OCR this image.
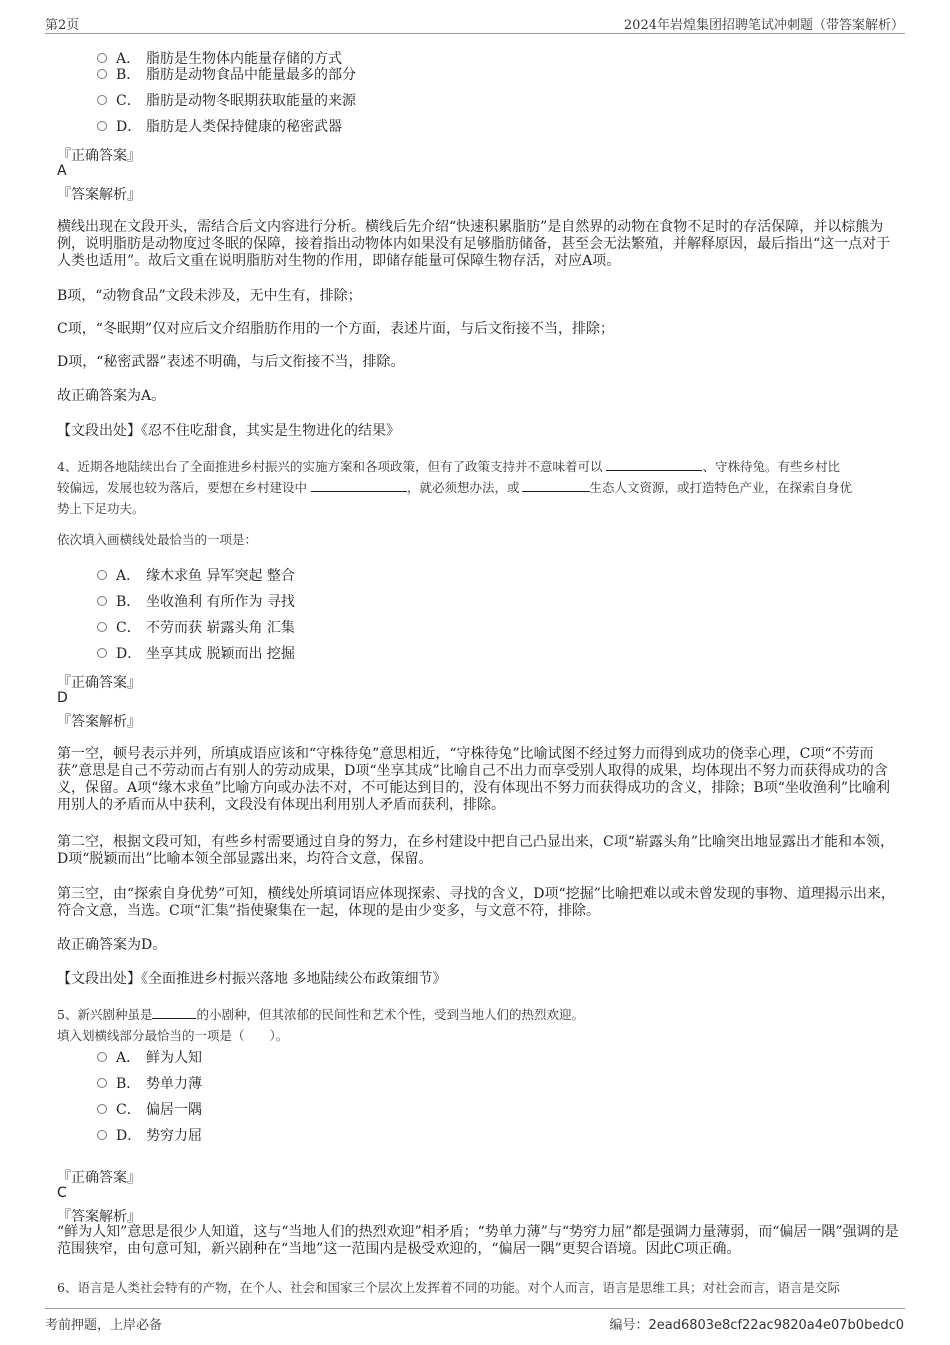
第2页	2024年岩煌集团招聘笔试冲刺题（带答案解析）
A． 脂肪是生物体内能量存储的方式
B． 脂肪是动物食品中能量最多的部分
C． 脂肪是动物冬眠期获取能量的来源
D． 脂肪是人类保持健康的秘密武器
『正确答案』
A
『答案解析』
横线出现在文段开头，需结合后文内容进行分析。横线后先介绍“快速积累脂肪”是自然界的动物在食物不足时的存活保障，并以棕熊为例，说明脂肪是动物度过冬眠的保障，接着指出动物体内如果没有足够脂肪储备，甚至会无法繁殖，并解释原因，最后指出“这一点对于人类也适用”。故后文重在说明脂肪对生物的作用，即储存能量可保障生物存活，对应A项。
B项，“动物食品”文段未涉及，无中生有，排除；
C项，“冬眠期”仅对应后文介绍脂肪作用的一个方面，表述片面，与后文衔接不当，排除；
D项，“秘密武器”表述不明确，与后文衔接不当，排除。
故正确答案为A。
【文段出处】《忍不住吃甜食，其实是生物进化的结果》
4、近期各地陆续出台了全面推进乡村振兴的实施方案和各项政策，但有了政策支持并不意味着可以	、守株待兔。有些乡村比
较偏远，发展也较为落后，要想在乡村建设中	，就必须想办法，或	生态人文资源，或打造特色产业，在探索自身优
势上下足功夫。
依次填入画横线处最恰当的一项是：
A． 缘木求鱼 异军突起 整合
B． 坐收渔利 有所作为 寻找
C． 不劳而获 崭露头角 汇集
D． 坐享其成 脱颖而出 挖掘
『正确答案』
D
『答案解析』
第一空，顿号表示并列，所填成语应该和“守株待兔”意思相近，“守株待兔”比喻试图不经过努力而得到成功的侥幸心理，C项“不劳而获”意思是自己不劳动而占有别人的劳动成果，D项“坐享其成”比喻自己不出力而享受别人取得的成果，均体现出不努力而获得成功的含义，保留。A项“缘木求鱼”比喻方向或办法不对，不可能达到目的，没有体现出不努力而获得成功的含义，排除；B项“坐收渔利”比喻利用别人的矛盾而从中获利，文段没有体现出利用别人矛盾而获利，排除。
第二空，根据文段可知，有些乡村需要通过自身的努力，在乡村建设中把自己凸显出来，C项“崭露头角”比喻突出地显露出才能和本领，D项“脱颖而出”比喻本领全部显露出来，均符合文意，保留。
第三空，由“探索自身优势”可知，横线处所填词语应体现探索、寻找的含义，D项“挖掘”比喻把难以或未曾发现的事物、道理揭示出来，符合文意，当选。C项“汇集”指使聚集在一起，体现的是由少变多，与文意不符，排除。
故正确答案为D。
【文段出处】《全面推进乡村振兴落地 多地陆续公布政策细节》
5、新兴剧种虽是	的小剧种，但其浓郁的民间性和艺术个性，受到当地人们的热烈欢迎。
填入划横线部分最恰当的一项是（　　）。
A． 鲜为人知
B． 势单力薄
C． 偏居一隅
D． 势穷力屈
『正确答案』
C
『答案解析』
“鲜为人知”意思是很少人知道，这与“当地人们的热烈欢迎”相矛盾；“势单力薄”与“势穷力屈”都是强调力量薄弱，而“偏居一隅”强调的是范围狭窄，由句意可知，新兴剧种在“当地”这一范围内是极受欢迎的，“偏居一隅”更契合语境。因此C项正确。
6、语言是人类社会特有的产物，在个人、社会和国家三个层次上发挥着不同的功能。对个人而言，语言是思维工具；对社会而言，语言是交际
考前押题，上岸必备	编号：2ead6803e8cf22ac9820a4e07b0bedc0
